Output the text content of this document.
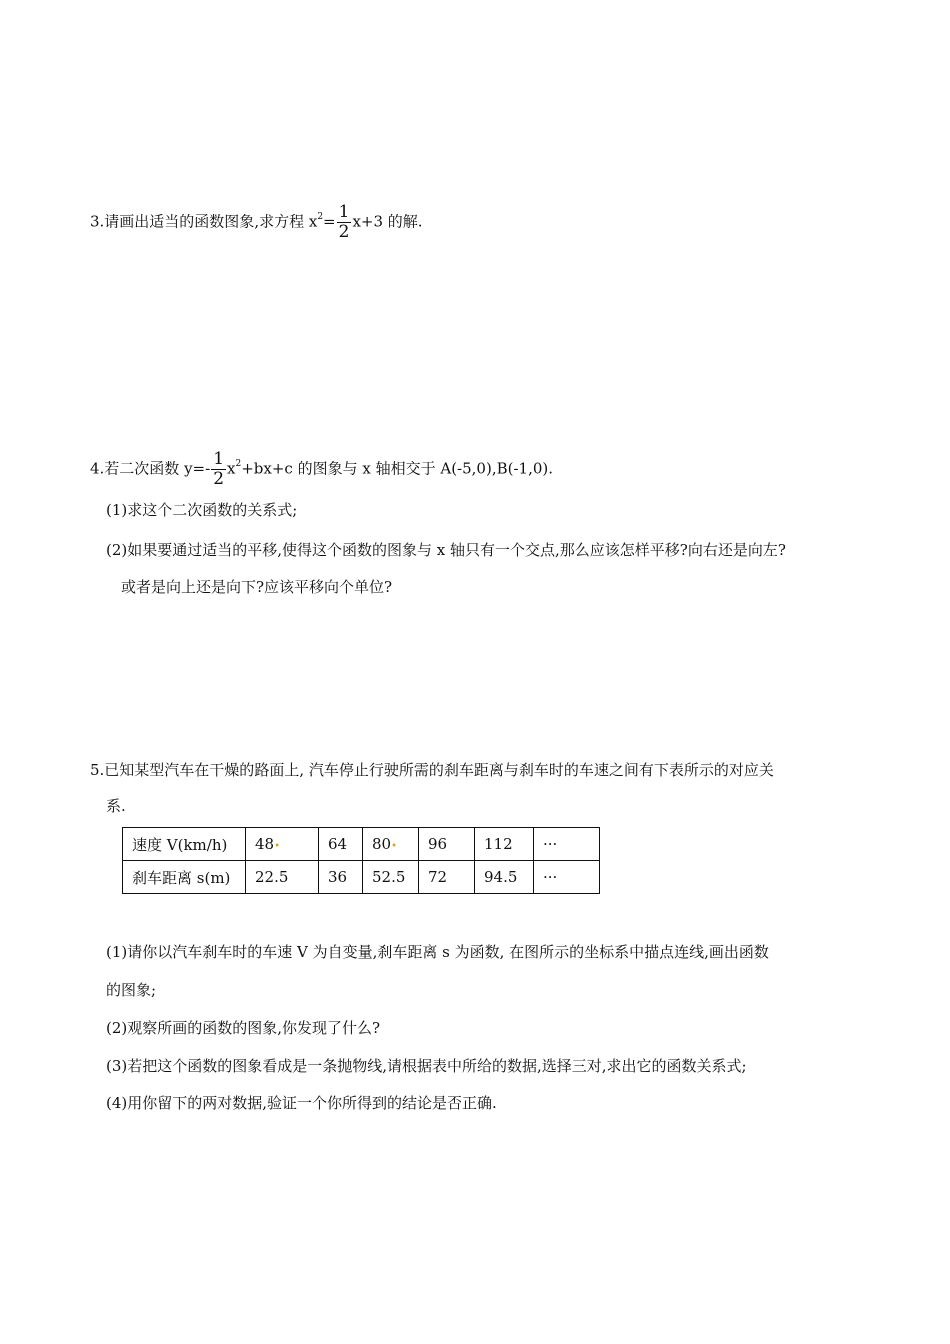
3.请画出适当的函数图象,求方程 $x^2= \frac{1}{2} x+3$ 的解.
4.若二次函数 $y=- \frac{1}{2} x^2+bx+c$ 的图象与 x 轴相交于 A(-5,0),B(-1,0).
(1)求这个二次函数的关系式;
(2)如果要通过适当的平移,使得这个函数的图象与 x 轴只有一个交点,那么应该怎样平移?向右还是向左?
或者是向上还是向下?应该平移向个单位?
5.已知某型汽车在干燥的路面上, 汽车停止行驶所需的刹车距离与刹车时的车速之间有下表所示的对应关
系.
速度 V(km/h)	48•	64	80•	96	112	···
刹车距离 s(m)	22.5	36	52.5	72	94.5	···
(1)请你以汽车刹车时的车速 V 为自变量,刹车距离 s 为函数, 在图所示的坐标系中描点连线,画出函数
的图象;
(2)观察所画的函数的图象,你发现了什么?
(3)若把这个函数的图象看成是一条抛物线,请根据表中所给的数据,选择三对,求出它的函数关系式;
(4)用你留下的两对数据,验证一个你所得到的结论是否正确.
